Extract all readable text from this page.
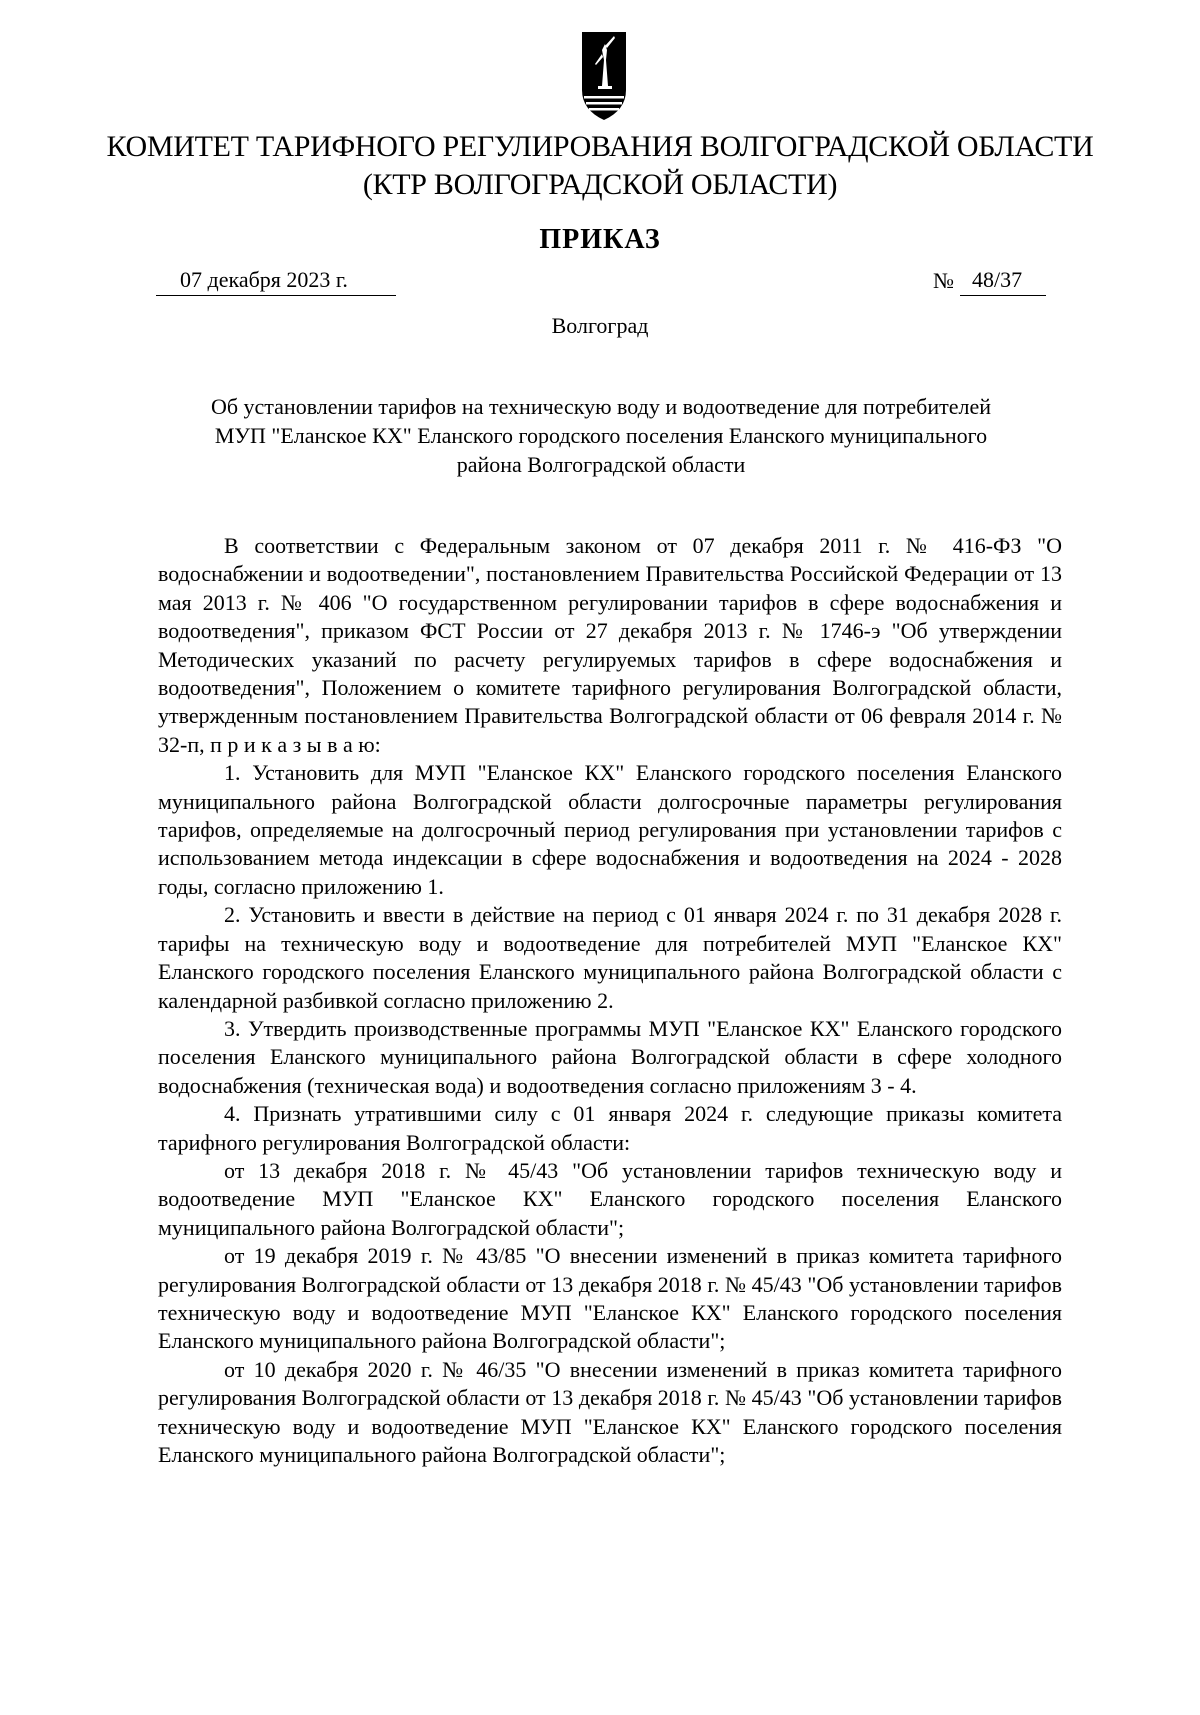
КОМИТЕТ ТАРИФНОГО РЕГУЛИРОВАНИЯ ВОЛГОГРАДСКОЙ ОБЛАСТИ
(КТР ВОЛГОГРАДСКОЙ ОБЛАСТИ)
ПРИКАЗ
07 декабря 2023 г.	№ 48/37
Волгоград
Об установлении тарифов на техническую воду и водоотведение для потребителей
МУП "Еланское КХ" Еланского городского поселения Еланского муниципального
района Волгоградской области

В соответствии с Федеральным законом от 07 декабря 2011 г. № 416-ФЗ "О водоснабжении и водоотведении", постановлением Правительства Российской Федерации от 13 мая 2013 г. № 406 "О государственном регулировании тарифов в сфере водоснабжения и водоотведения", приказом ФСТ России от 27 декабря 2013 г. № 1746-э "Об утверждении Методических указаний по расчету регулируемых тарифов в сфере водоснабжения и водоотведения", Положением о комитете тарифного регулирования Волгоградской области, утвержденным постановлением Правительства Волгоградской области от 06 февраля 2014 г. № 32-п, п р и к а з ы в а ю:

1. Установить для МУП "Еланское КХ" Еланского городского поселения Еланского муниципального района Волгоградской области долгосрочные параметры регулирования тарифов, определяемые на долгосрочный период регулирования при установлении тарифов с использованием метода индексации в сфере водоснабжения и водоотведения на 2024 - 2028 годы, согласно приложению 1.

2. Установить и ввести в действие на период с 01 января 2024 г. по 31 декабря 2028 г. тарифы на техническую воду и водоотведение для потребителей МУП "Еланское КХ" Еланского городского поселения Еланского муниципального района Волгоградской области с календарной разбивкой согласно приложению 2.

3. Утвердить производственные программы МУП "Еланское КХ" Еланского городского поселения Еланского муниципального района Волгоградской области в сфере холодного водоснабжения (техническая вода) и водоотведения согласно приложениям 3 - 4.

4. Признать утратившими силу с 01 января 2024 г. следующие приказы комитета тарифного регулирования Волгоградской области:

от 13 декабря 2018 г. № 45/43 "Об установлении тарифов техническую воду и водоотведение МУП "Еланское КХ" Еланского городского поселения Еланского муниципального района Волгоградской области";

от 19 декабря 2019 г. № 43/85 "О внесении изменений в приказ комитета тарифного регулирования Волгоградской области от 13 декабря 2018 г. № 45/43 "Об установлении тарифов техническую воду и водоотведение МУП "Еланское КХ" Еланского городского поселения Еланского муниципального района Волгоградской области";

от 10 декабря 2020 г. № 46/35 "О внесении изменений в приказ комитета тарифного регулирования Волгоградской области от 13 декабря 2018 г. № 45/43 "Об установлении тарифов техническую воду и водоотведение МУП "Еланское КХ" Еланского городского поселения Еланского муниципального района Волгоградской области";
